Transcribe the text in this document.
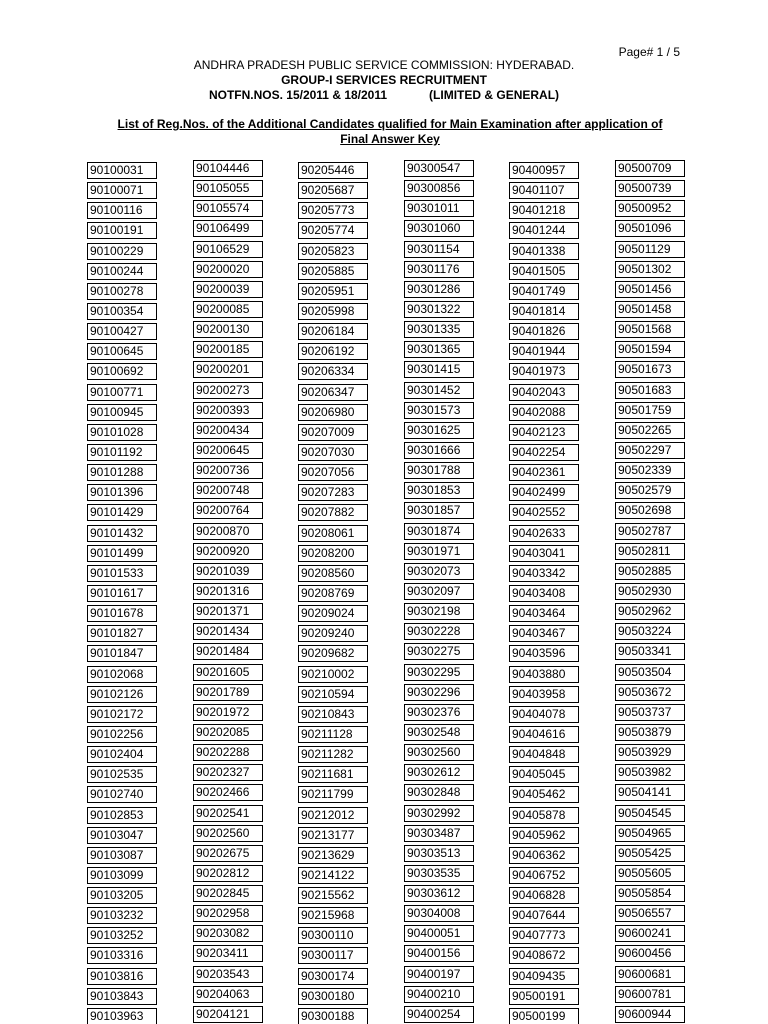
Page# 1 / 5
ANDHRA PRADESH PUBLIC SERVICE COMMISSION: HYDERABAD.
GROUP-I SERVICES RECRUITMENT
NOTFN.NOS. 15/2011 & 18/2011	(LIMITED & GENERAL)
List of Reg.Nos. of the Additional Candidates qualified for Main Examination after application of
Final Answer Key
90100031
90100071
90100116
90100191
90100229
90100244
90100278
90100354
90100427
90100645
90100692
90100771
90100945
90101028
90101192
90101288
90101396
90101429
90101432
90101499
90101533
90101617
90101678
90101827
90101847
90102068
90102126
90102172
90102256
90102404
90102535
90102740
90102853
90103047
90103087
90103099
90103205
90103232
90103252
90103316
90103816
90103843
90103963
90104446
90105055
90105574
90106499
90106529
90200020
90200039
90200085
90200130
90200185
90200201
90200273
90200393
90200434
90200645
90200736
90200748
90200764
90200870
90200920
90201039
90201316
90201371
90201434
90201484
90201605
90201789
90201972
90202085
90202288
90202327
90202466
90202541
90202560
90202675
90202812
90202845
90202958
90203082
90203411
90203543
90204063
90204121
90205446
90205687
90205773
90205774
90205823
90205885
90205951
90205998
90206184
90206192
90206334
90206347
90206980
90207009
90207030
90207056
90207283
90207882
90208061
90208200
90208560
90208769
90209024
90209240
90209682
90210002
90210594
90210843
90211128
90211282
90211681
90211799
90212012
90213177
90213629
90214122
90215562
90215968
90300110
90300117
90300174
90300180
90300188
90300547
90300856
90301011
90301060
90301154
90301176
90301286
90301322
90301335
90301365
90301415
90301452
90301573
90301625
90301666
90301788
90301853
90301857
90301874
90301971
90302073
90302097
90302198
90302228
90302275
90302295
90302296
90302376
90302548
90302560
90302612
90302848
90302992
90303487
90303513
90303535
90303612
90304008
90400051
90400156
90400197
90400210
90400254
90400957
90401107
90401218
90401244
90401338
90401505
90401749
90401814
90401826
90401944
90401973
90402043
90402088
90402123
90402254
90402361
90402499
90402552
90402633
90403041
90403342
90403408
90403464
90403467
90403596
90403880
90403958
90404078
90404616
90404848
90405045
90405462
90405878
90405962
90406362
90406752
90406828
90407644
90407773
90408672
90409435
90500191
90500199
90500709
90500739
90500952
90501096
90501129
90501302
90501456
90501458
90501568
90501594
90501673
90501683
90501759
90502265
90502297
90502339
90502579
90502698
90502787
90502811
90502885
90502930
90502962
90503224
90503341
90503504
90503672
90503737
90503879
90503929
90503982
90504141
90504545
90504965
90505425
90505605
90505854
90506557
90600241
90600456
90600681
90600781
90600944
